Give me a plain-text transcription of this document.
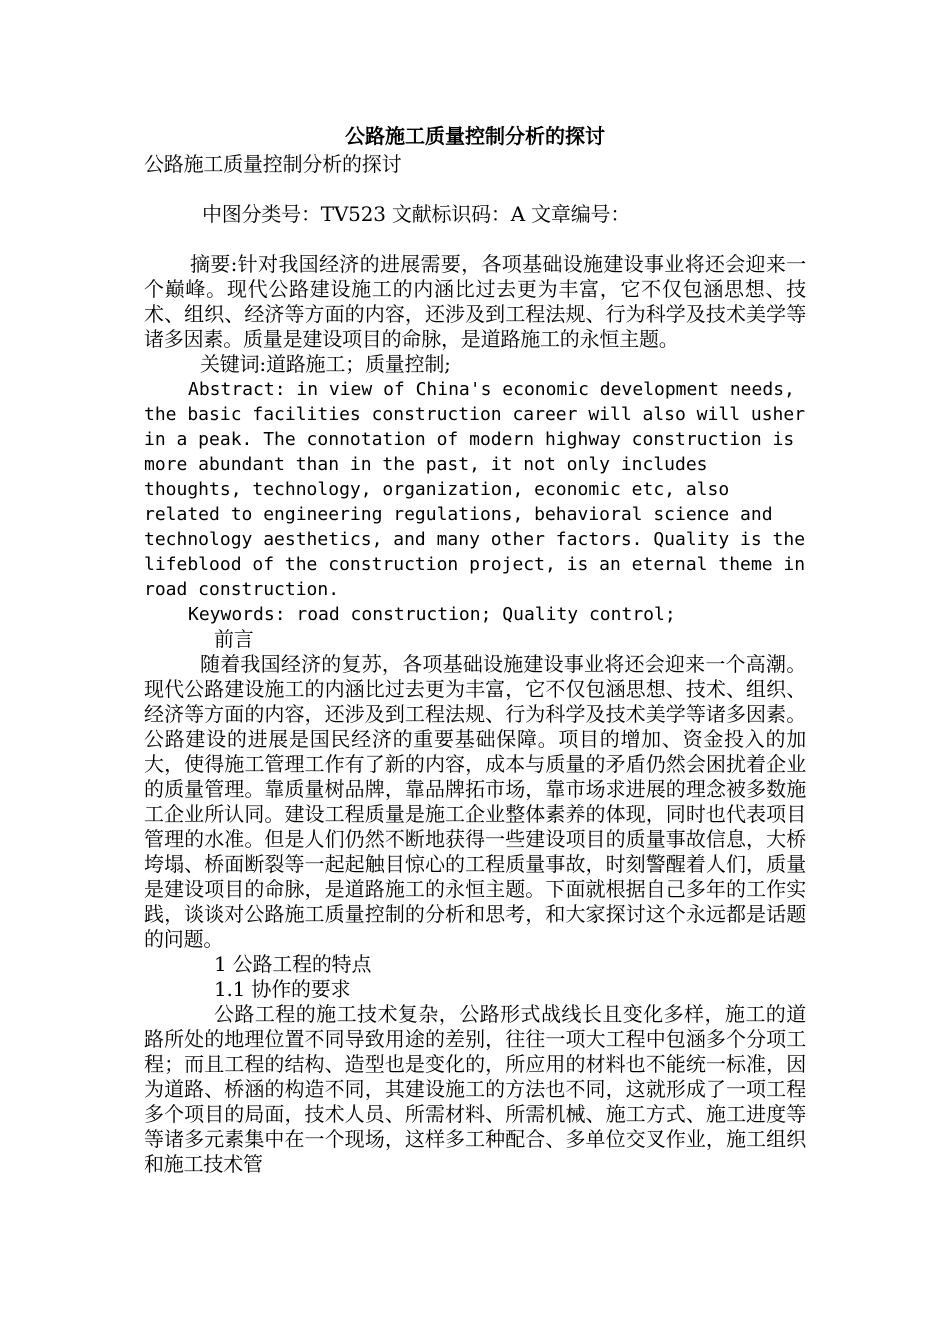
公路施工质量控制分析的探讨

公路施工质量控制分析的探讨

中图分类号：TV523 文献标识码：A 文章编号：

摘要:针对我国经济的进展需要，各项基础设施建设事业将还会迎来一个巅峰。现代公路建设施工的内涵比过去更为丰富，它不仅包涵思想、技术、组织、经济等方面的内容，还涉及到工程法规、行为科学及技术美学等诸多因素。质量是建设项目的命脉，是道路施工的永恒主题。

关键词:道路施工；质量控制;

Abstract: in view of China's economic development needs, the basic facilities construction career will also will usher in a peak. The connotation of modern highway construction is more abundant than in the past, it not only includes thoughts, technology, organization, economic etc, also related to engineering regulations, behavioral science and technology aesthetics, and many other factors. Quality is the lifeblood of the construction project, is an eternal theme in road construction.

Keywords: road construction; Quality control;

前言

随着我国经济的复苏，各项基础设施建设事业将还会迎来一个高潮。现代公路建设施工的内涵比过去更为丰富，它不仅包涵思想、技术、组织、经济等方面的内容，还涉及到工程法规、行为科学及技术美学等诸多因素。公路建设的进展是国民经济的重要基础保障。项目的增加、资金投入的加大，使得施工管理工作有了新的内容，成本与质量的矛盾仍然会困扰着企业的质量管理。靠质量树品牌，靠品牌拓市场，靠市场求进展的理念被多数施工企业所认同。建设工程质量是施工企业整体素养的体现，同时也代表项目管理的水准。但是人们仍然不断地获得一些建设项目的质量事故信息，大桥垮塌、桥面断裂等一起起触目惊心的工程质量事故，时刻警醒着人们，质量是建设项目的命脉，是道路施工的永恒主题。下面就根据自己多年的工作实践，谈谈对公路施工质量控制的分析和思考，和大家探讨这个永远都是话题的问题。

1 公路工程的特点

1.1 协作的要求

公路工程的施工技术复杂，公路形式战线长且变化多样，施工的道路所处的地理位置不同导致用途的差别，往往一项大工程中包涵多个分项工程；而且工程的结构、造型也是变化的，所应用的材料也不能统一标准，因为道路、桥涵的构造不同，其建设施工的方法也不同，这就形成了一项工程多个项目的局面，技术人员、所需材料、所需机械、施工方式、施工进度等等诸多元素集中在一个现场，这样多工种配合、多单位交叉作业，施工组织和施工技术管
